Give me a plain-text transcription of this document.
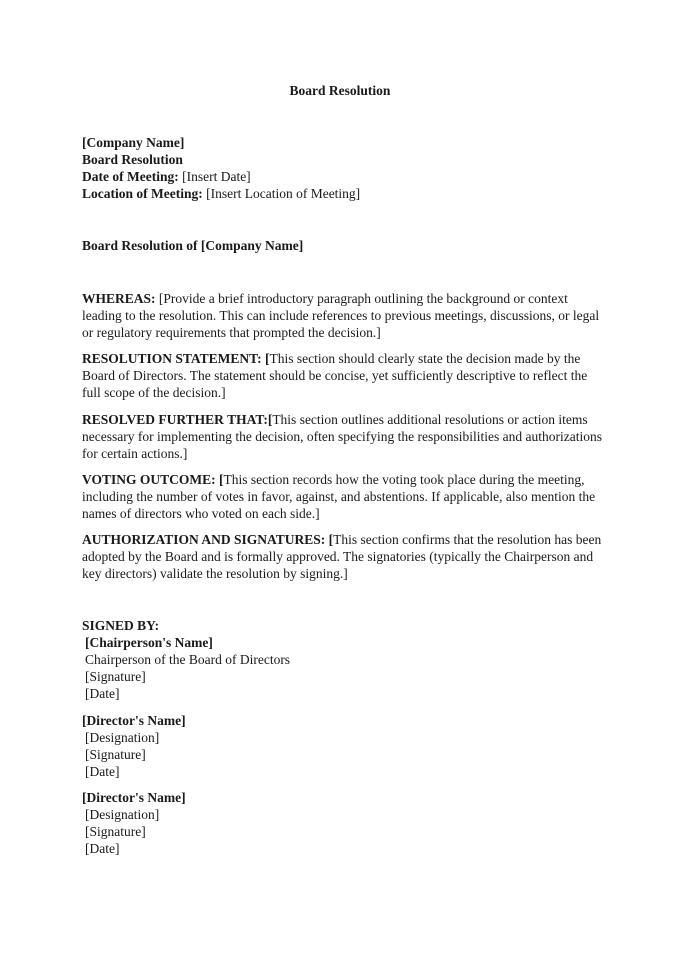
Board Resolution
[Company Name]
Board Resolution
Date of Meeting: [Insert Date]
Location of Meeting: [Insert Location of Meeting]
Board Resolution of [Company Name]

WHEREAS: [Provide a brief introductory paragraph outlining the background or context leading to the resolution. This can include references to previous meetings, discussions, or legal or regulatory requirements that prompted the decision.]

RESOLUTION STATEMENT: [This section should clearly state the decision made by the Board of Directors. The statement should be concise, yet sufficiently descriptive to reflect the full scope of the decision.]

RESOLVED FURTHER THAT:[This section outlines additional resolutions or action items necessary for implementing the decision, often specifying the responsibilities and authorizations for certain actions.]

VOTING OUTCOME: [This section records how the voting took place during the meeting, including the number of votes in favor, against, and abstentions. If applicable, also mention the names of directors who voted on each side.]

AUTHORIZATION AND SIGNATURES: [This section confirms that the resolution has been adopted by the Board and is formally approved. The signatories (typically the Chairperson and key directors) validate the resolution by signing.]

SIGNED BY:
[Chairperson's Name]
Chairperson of the Board of Directors
[Signature]
[Date]
[Director's Name]
[Designation]
[Signature]
[Date]
[Director's Name]
[Designation]
[Signature]
[Date]
